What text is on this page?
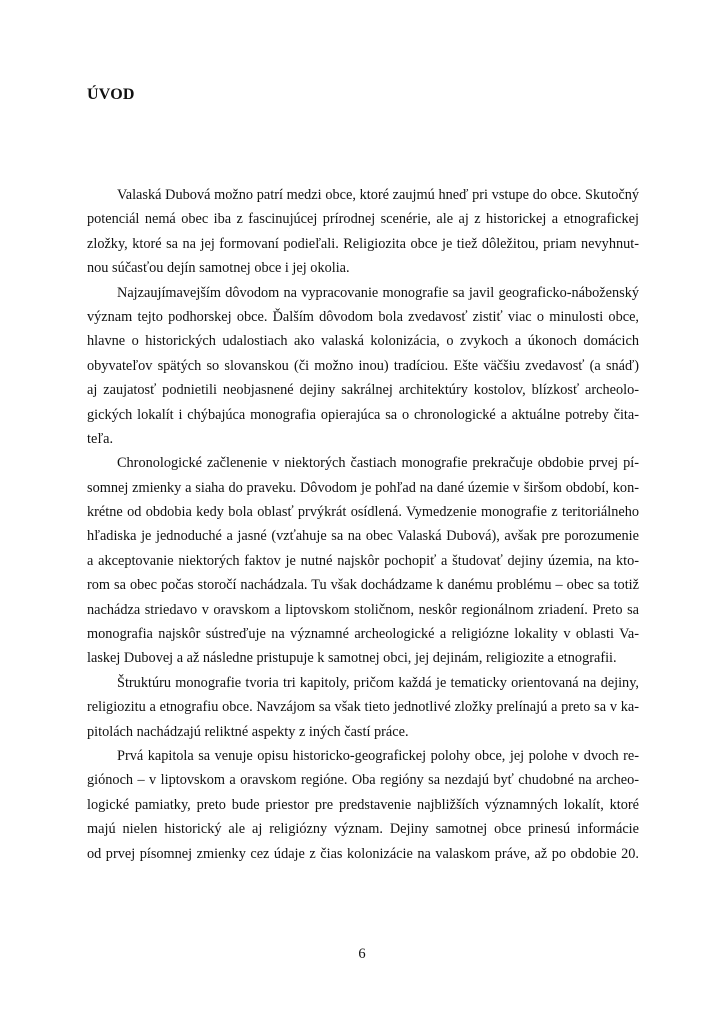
ÚVOD
Valaská Dubová možno patrí medzi obce, ktoré zaujmú hneď pri vstupe do obce. Skutočný
potenciál nemá obec iba z fascinujúcej prírodnej scenérie, ale aj z historickej a etnografickej
zložky, ktoré sa na jej formovaní podieľali. Religiozita obce je tiež dôležitou, priam nevyhnut-
nou súčasťou dejín samotnej obce i jej okolia.
Najzaujímavejším dôvodom na vypracovanie monografie sa javil geograficko-náboženský
význam tejto podhorskej obce. Ďalším dôvodom bola zvedavosť zistiť viac o minulosti obce,
hlavne o historických udalostiach ako valaská kolonizácia, o zvykoch a úkonoch domácich
obyvateľov spätých so slovanskou (či možno inou) tradíciou. Ešte väčšiu zvedavosť (a snáď)
aj zaujatosť podnietili neobjasnené dejiny sakrálnej architektúry kostolov, blízkosť archeolo-
gických lokalít i chýbajúca monografia opierajúca sa o chronologické a aktuálne potreby čita-
teľa.
Chronologické začlenenie v niektorých častiach monografie prekračuje obdobie prvej pí-
somnej zmienky a siaha do praveku. Dôvodom je pohľad na dané územie v širšom období, kon-
krétne od obdobia kedy bola oblasť prvýkrát osídlená. Vymedzenie monografie z teritoriálneho
hľadiska je jednoduché a jasné (vzťahuje sa na obec Valaská Dubová), avšak pre porozumenie
a akceptovanie niektorých faktov je nutné najskôr pochopiť a študovať dejiny územia, na kto-
rom sa obec počas storočí nachádzala. Tu však dochádzame k danému problému – obec sa totiž
nachádza striedavo v oravskom a liptovskom stoličnom, neskôr regionálnom zriadení. Preto sa
monografia najskôr sústreďuje na významné archeologické a religiózne lokality v oblasti Va-
laskej Dubovej a až následne pristupuje k samotnej obci, jej dejinám, religiozite a etnografii.
Štruktúru monografie tvoria tri kapitoly, pričom každá je tematicky orientovaná na dejiny,
religiozitu a etnografiu obce. Navzájom sa však tieto jednotlivé zložky prelínajú a preto sa v ka-
pitolách nachádzajú reliktné aspekty z iných častí práce.
Prvá kapitola sa venuje opisu historicko-geografickej polohy obce, jej polohe v dvoch re-
giónoch – v liptovskom a oravskom regióne. Oba regióny sa nezdajú byť chudobné na archeo-
logické pamiatky, preto bude priestor pre predstavenie najbližších významných lokalít, ktoré
majú nielen historický ale aj religiózny význam. Dejiny samotnej obce prinesú informácie
od prvej písomnej zmienky cez údaje z čias kolonizácie na valaskom práve, až po obdobie 20.
6
